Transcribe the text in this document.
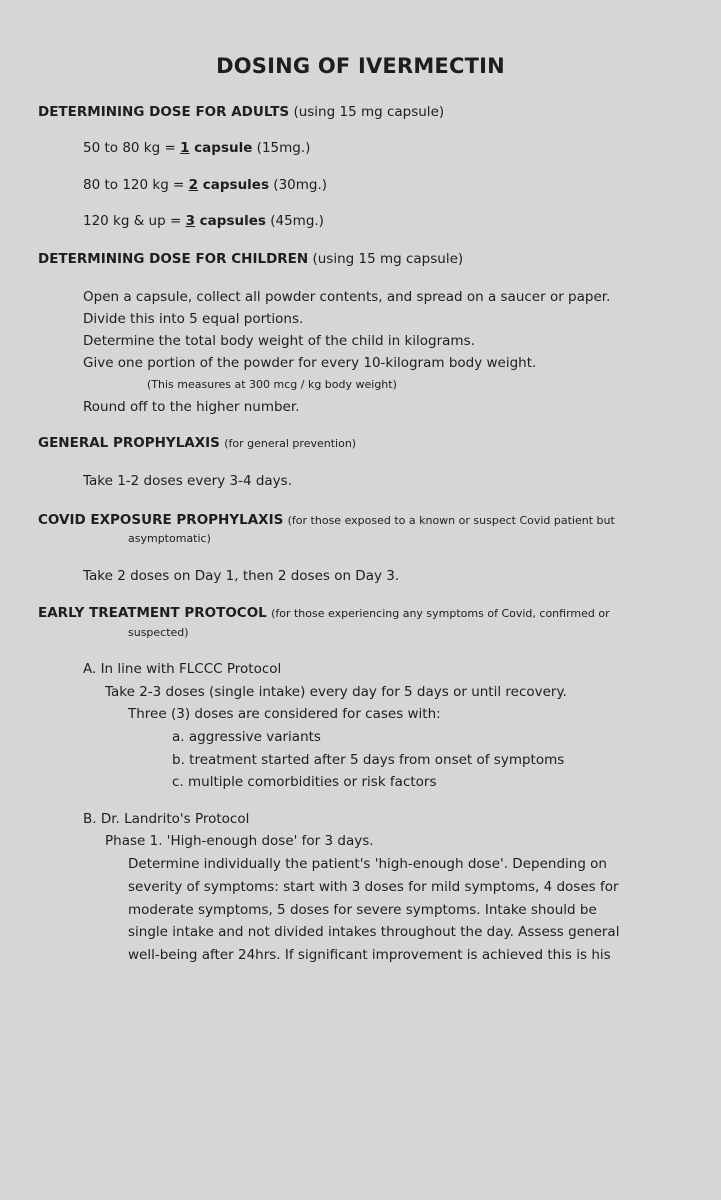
DOSING OF IVERMECTIN
DETERMINING DOSE FOR ADULTS (using 15 mg capsule)
50 to 80 kg = 1 capsule (15mg.)
80 to 120 kg = 2 capsules (30mg.)
120 kg & up = 3 capsules (45mg.)
DETERMINING DOSE FOR CHILDREN (using 15 mg capsule)
Open a capsule, collect all powder contents, and spread on a saucer or paper.
Divide this into 5 equal portions.
Determine the total body weight of the child in kilograms.
Give one portion of the powder for every 10-kilogram body weight.
(This measures at 300 mcg / kg body weight)
Round off to the higher number.
GENERAL PROPHYLAXIS (for general prevention)
Take 1-2 doses every 3-4 days.
COVID EXPOSURE PROPHYLAXIS (for those exposed to a known or suspect Covid patient but
asymptomatic)
Take 2 doses on Day 1, then 2 doses on Day 3.
EARLY TREATMENT PROTOCOL (for those experiencing any symptoms of Covid, confirmed or
suspected)
A. In line with FLCCC Protocol
Take 2-3 doses (single intake) every day for 5 days or until recovery.
Three (3) doses are considered for cases with:
a. aggressive variants
b. treatment started after 5 days from onset of symptoms
c. multiple comorbidities or risk factors
B. Dr. Landrito's Protocol
Phase 1. 'High-enough dose' for 3 days.
Determine individually the patient's 'high-enough dose'. Depending on
severity of symptoms: start with 3 doses for mild symptoms, 4 doses for
moderate symptoms, 5 doses for severe symptoms. Intake should be
single intake and not divided intakes throughout the day. Assess general
well-being after 24hrs. If significant improvement is achieved this is his
